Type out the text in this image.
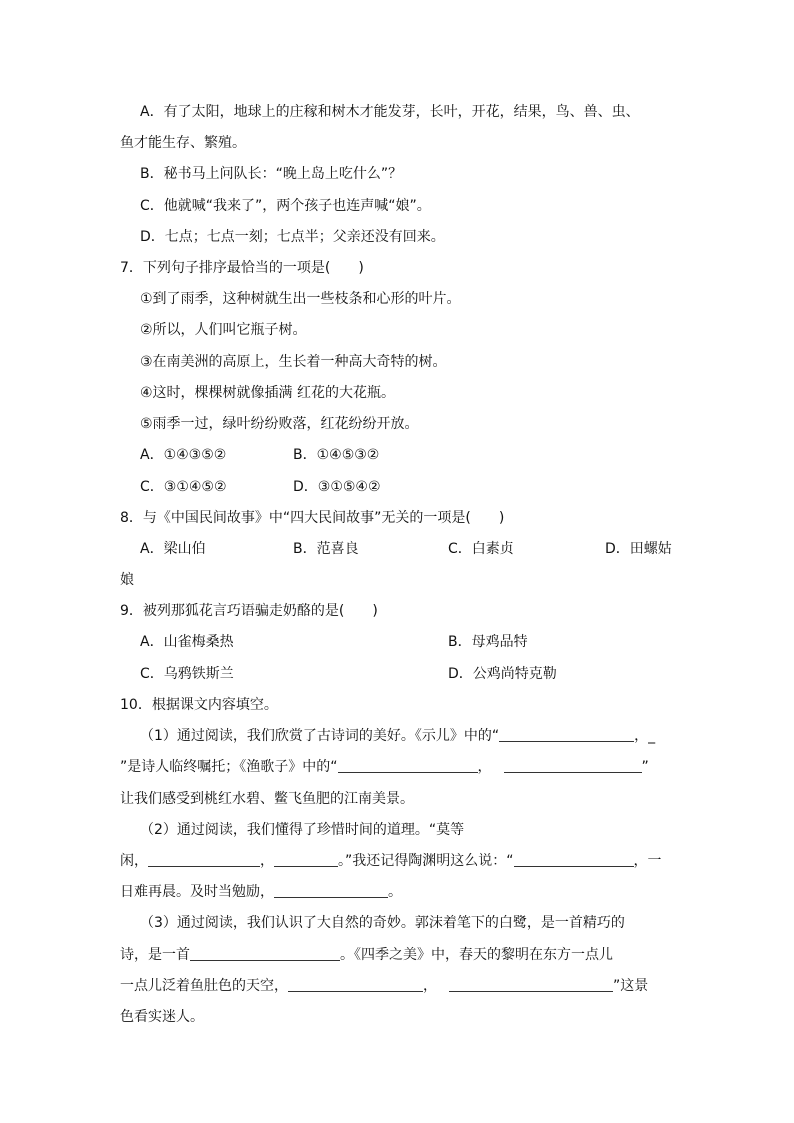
A．有了太阳，地球上的庄稼和树木才能发芽，长叶，开花，结果，鸟、兽、虫、
鱼才能生存、繁殖。
B．秘书马上问队长：“晚上岛上吃什么”？
C．他就喊“我来了”，两个孩子也连声喊“娘”。
D．七点；七点一刻；七点半；父亲还没有回来。
7．下列句子排序最恰当的一项是(　　)
①到了雨季，这种树就生出一些枝条和心形的叶片。
②所以，人们叫它瓶子树。
③在南美洲的高原上，生长着一种高大奇特的树。
④这时，棵棵树就像插满 红花的大花瓶。
⑤雨季一过，绿叶纷纷败落，红花纷纷开放。
A．①④③⑤②	B．①④⑤③②
C．③①④⑤②	D．③①⑤④②
8．与《中国民间故事》中“四大民间故事”无关的一项是(　　)
A．梁山伯	B．范喜良	C．白素贞	D．田螺姑
娘
9．被列那狐花言巧语骗走奶酪的是(　　)
A．山雀梅桑热	B．母鸡品特
C．乌鸦铁斯兰	D．公鸡尚特克勒
10．根据课文内容填空。
（1）通过阅读，我们欣赏了古诗词的美好。《示儿》中的“	，_
”是诗人临终嘱托；《渔歌子》中的“	，	”
让我们感受到桃红水碧、鳖飞鱼肥的江南美景。
（2）通过阅读，我们懂得了珍惜时间的道理。“莫等
闲，	，	。”我还记得陶渊明这么说：“	，一
日难再晨。及时当勉励，	。
（3）通过阅读，我们认识了大自然的奇妙。郭沫着笔下的白鹭，是一首精巧的
诗，是一首	。《四季之美》中，春天的黎明在东方一点儿
一点儿泛着鱼肚色的天空，	，	”这景
色看实迷人。
